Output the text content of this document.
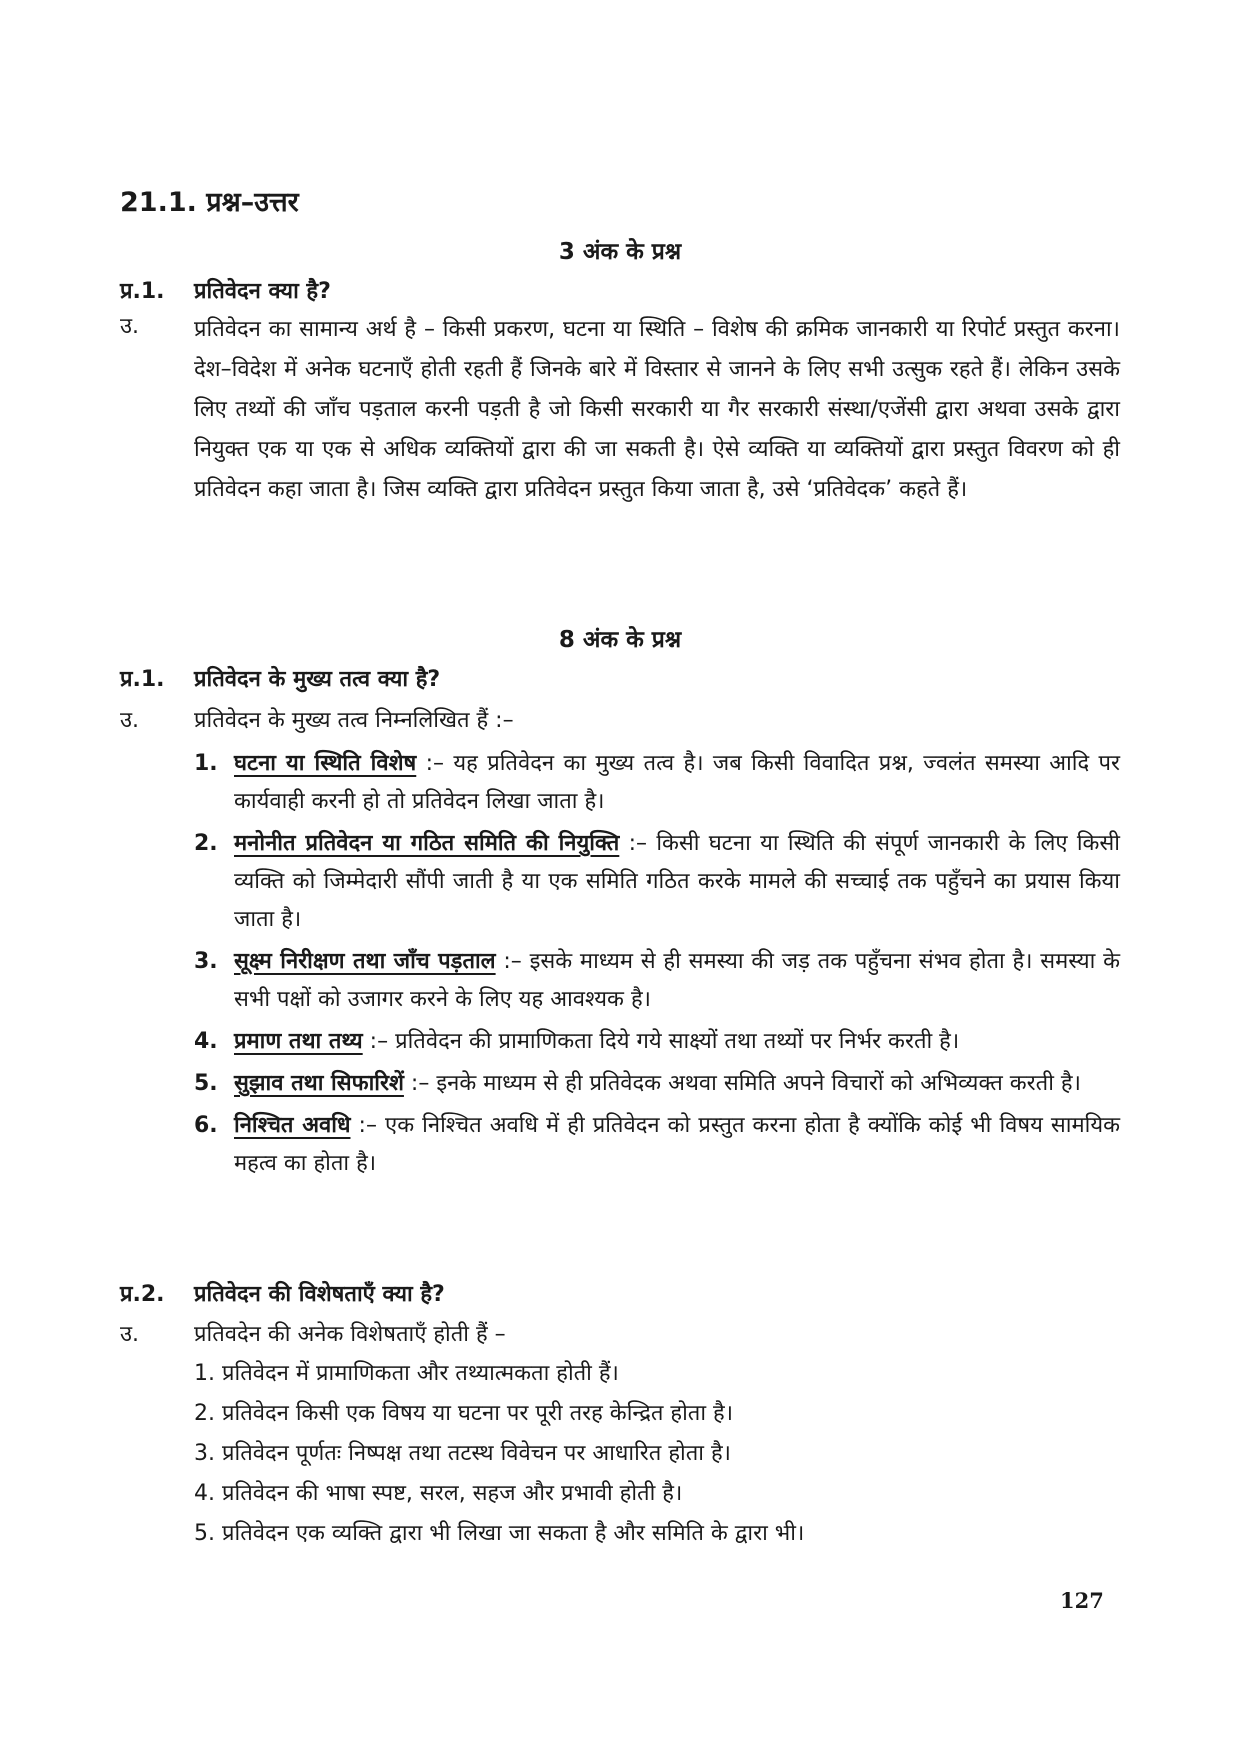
21.1. प्रश्न–उत्तर
3 अंक के प्रश्न
प्र.1.	प्रतिवेदन क्या है?
उ.	प्रतिवेदन का सामान्य अर्थ है – किसी प्रकरण, घटना या स्थिति – विशेष की क्रमिक जानकारी या रिपोर्ट प्रस्तुत करना। देश–विदेश में अनेक घटनाएँ होती रहती हैं जिनके बारे में विस्तार से जानने के लिए सभी उत्सुक रहते हैं। लेकिन उसके लिए तथ्यों की जाँच पड़ताल करनी पड़ती है जो किसी सरकारी या गैर सरकारी संस्था/एजेंसी द्वारा अथवा उसके द्वारा नियुक्त एक या एक से अधिक व्यक्तियों द्वारा की जा सकती है। ऐसे व्यक्ति या व्यक्तियों द्वारा प्रस्तुत विवरण को ही प्रतिवेदन कहा जाता है। जिस व्यक्ति द्वारा प्रतिवेदन प्रस्तुत किया जाता है, उसे ‘प्रतिवेदक’ कहते हैं।

8 अंक के प्रश्न
प्र.1.	प्रतिवेदन के मुख्य तत्व क्या है?
उ.	प्रतिवेदन के मुख्य तत्व निम्नलिखित हैं :–
1. घटना या स्थिति विशेष :– यह प्रतिवेदन का मुख्य तत्व है। जब किसी विवादित प्रश्न, ज्वलंत समस्या आदि पर कार्यवाही करनी हो तो प्रतिवेदन लिखा जाता है।
2. मनोनीत प्रतिवेदन या गठित समिति की नियुक्ति :– किसी घटना या स्थिति की संपूर्ण जानकारी के लिए किसी व्यक्ति को जिम्मेदारी सौंपी जाती है या एक समिति गठित करके मामले की सच्चाई तक पहुँचने का प्रयास किया जाता है।
3. सूक्ष्म निरीक्षण तथा जाँच पड़ताल :– इसके माध्यम से ही समस्या की जड़ तक पहुँचना संभव होता है। समस्या के सभी पक्षों को उजागर करने के लिए यह आवश्यक है।
4. प्रमाण तथा तथ्य :– प्रतिवेदन की प्रामाणिकता दिये गये साक्ष्यों तथा तथ्यों पर निर्भर करती है।
5. सुझाव तथा सिफारिशें :– इनके माध्यम से ही प्रतिवेदक अथवा समिति अपने विचारों को अभिव्यक्त करती है।
6. निश्चित अवधि :– एक निश्चित अवधि में ही प्रतिवेदन को प्रस्तुत करना होता है क्योंकि कोई भी विषय सामयिक महत्व का होता है।
प्र.2.	प्रतिवेदन की विशेषताएँ क्या है?
उ.	प्रतिवदेन की अनेक विशेषताएँ होती हैं –
1. प्रतिवेदन में प्रामाणिकता और तथ्यात्मकता होती हैं।
2. प्रतिवेदन किसी एक विषय या घटना पर पूरी तरह केन्द्रित होता है।
3. प्रतिवेदन पूर्णतः निष्पक्ष तथा तटस्थ विवेचन पर आधारित होता है।
4. प्रतिवेदन की भाषा स्पष्ट, सरल, सहज और प्रभावी होती है।
5. प्रतिवेदन एक व्यक्ति द्वारा भी लिखा जा सकता है और समिति के द्वारा भी।
127
